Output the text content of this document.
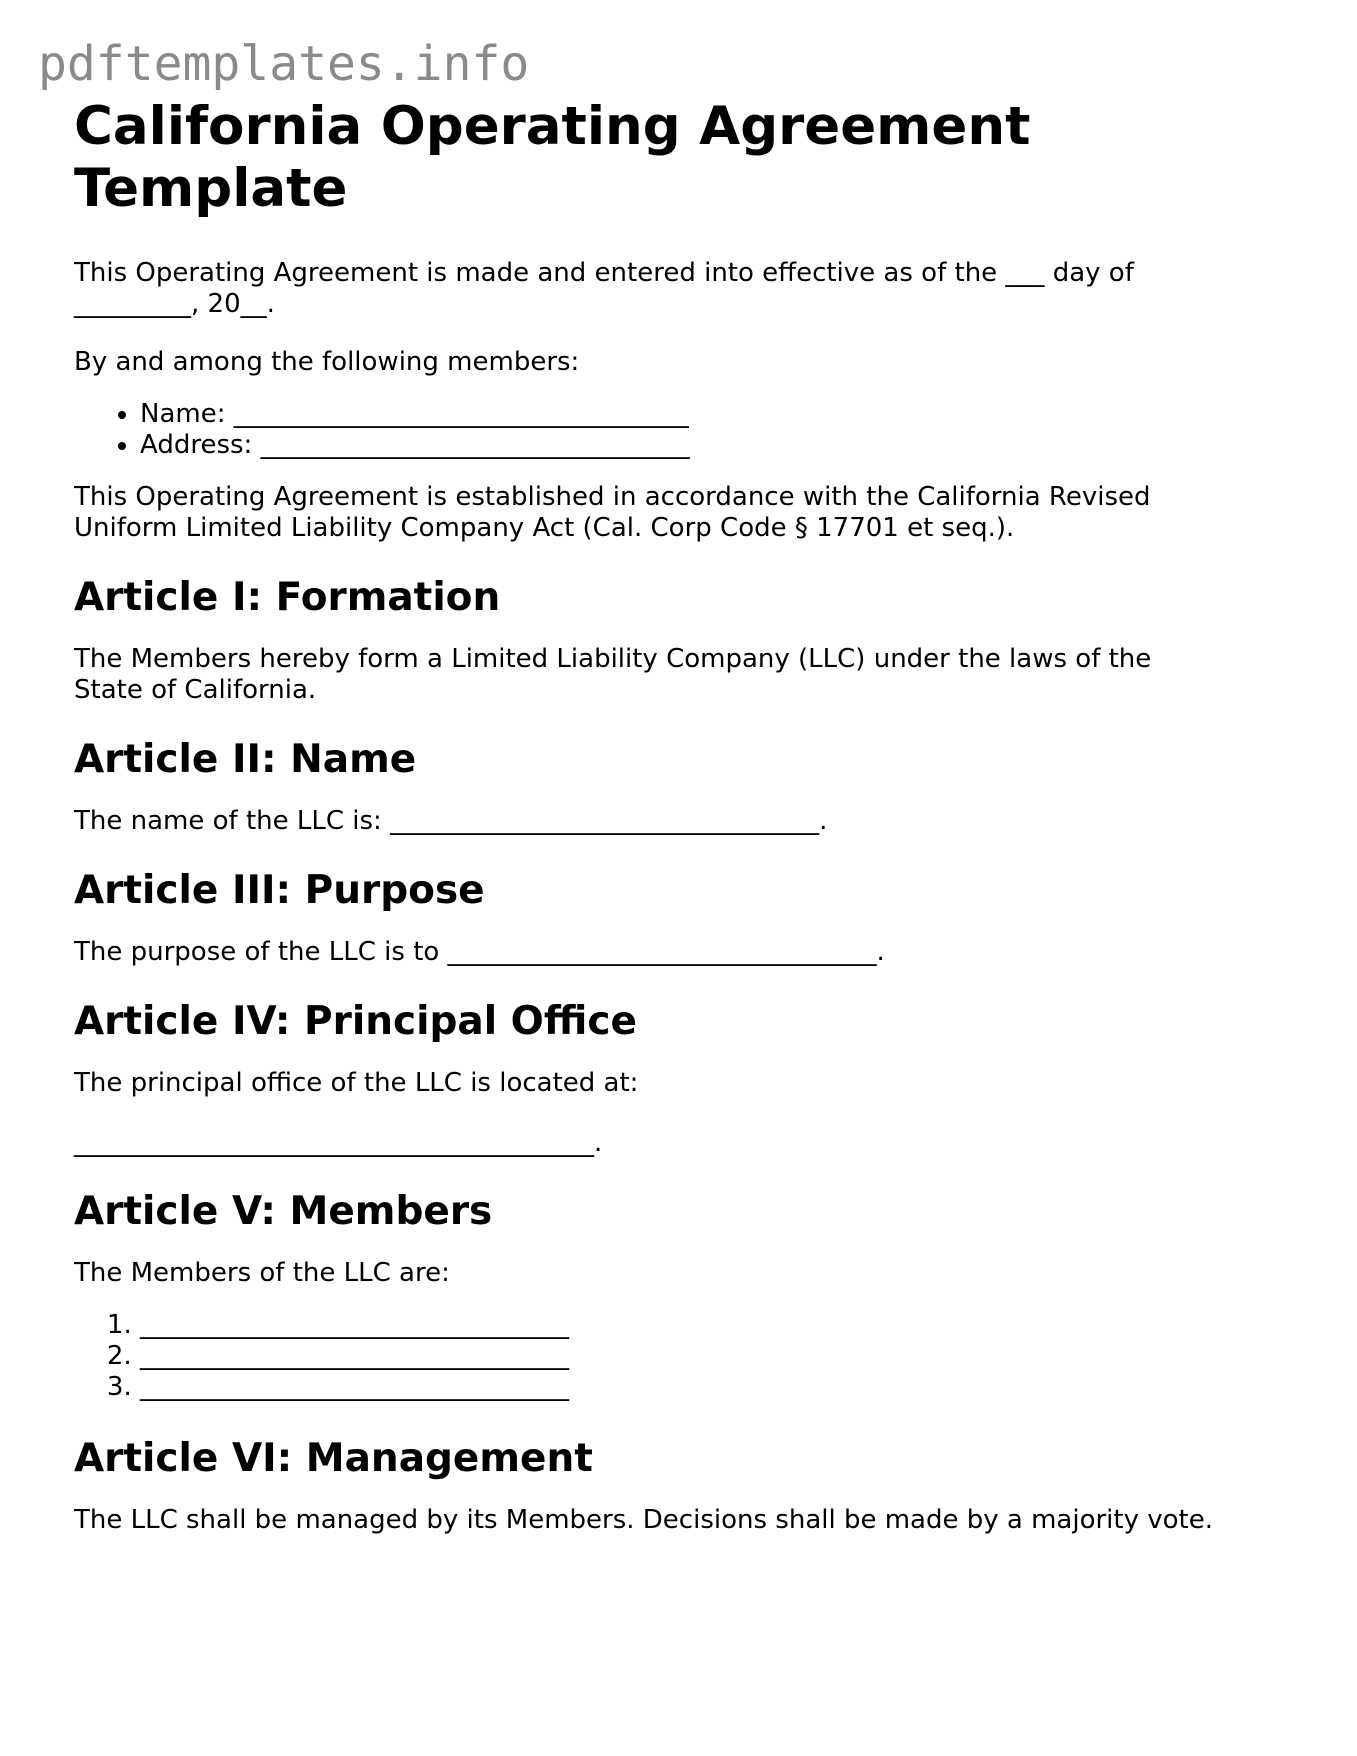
pdftemplates.info
California Operating Agreement Template

This Operating Agreement is made and entered into effective as of the ___ day of _________, 20__.

By and among the following members:

• Name: ___________________________________
• Address: _________________________________

This Operating Agreement is established in accordance with the California Revised Uniform Limited Liability Company Act (Cal. Corp Code § 17701 et seq.).

Article I: Formation

The Members hereby form a Limited Liability Company (LLC) under the laws of the State of California.

Article II: Name

The name of the LLC is: _________________________________.

Article III: Purpose

The purpose of the LLC is to _________________________________.

Article IV: Principal Office

The principal office of the LLC is located at:

________________________________________.

Article V: Members

The Members of the LLC are:

1. _________________________________
2. _________________________________
3. _________________________________
Article VI: Management

The LLC shall be managed by its Members. Decisions shall be made by a majority vote.
